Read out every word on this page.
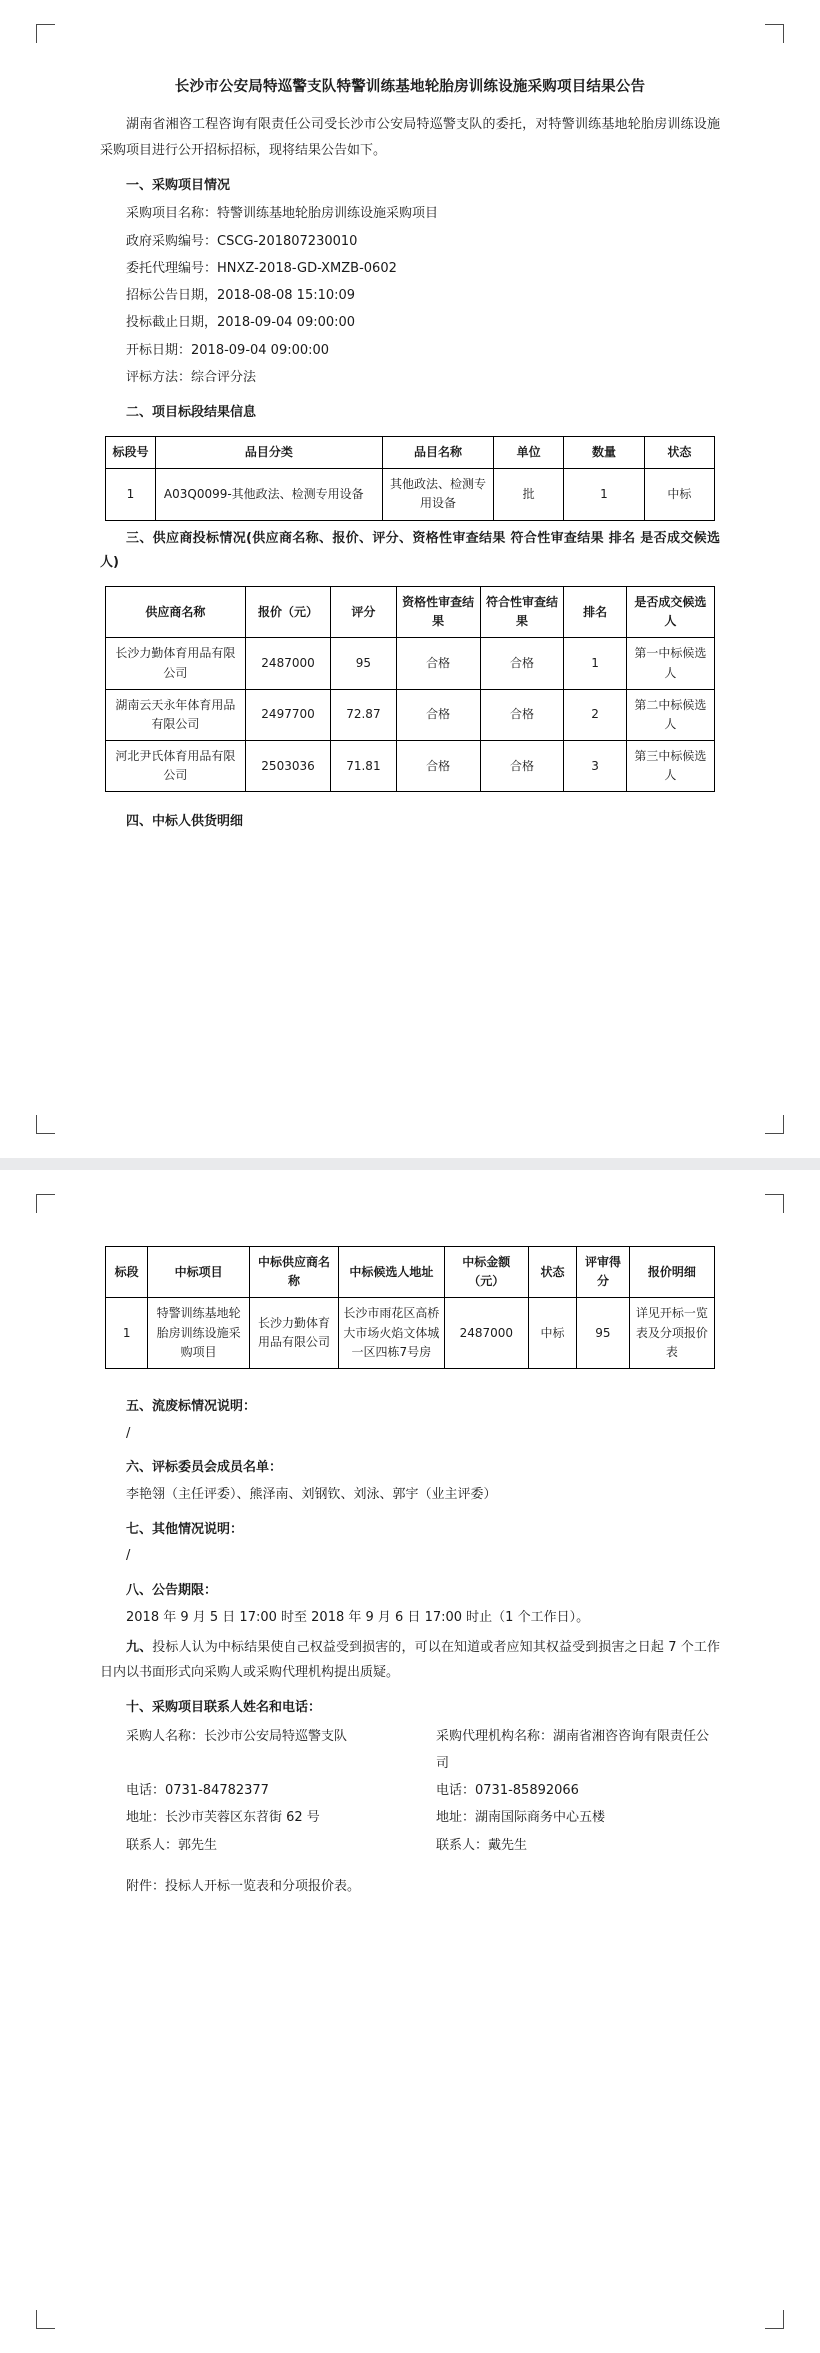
长沙市公安局特巡警支队特警训练基地轮胎房训练设施采购项目结果公告

湖南省湘咨工程咨询有限责任公司受长沙市公安局特巡警支队的委托，对特警训练基地轮胎房训练设施采购项目进行公开招标招标，现将结果公告如下。

一、采购项目情况

采购项目名称：特警训练基地轮胎房训练设施采购项目

政府采购编号：CSCG-201807230010

委托代理编号：HNXZ-2018-GD-XMZB-0602

招标公告日期，2018-08-08 15:10:09

投标截止日期，2018-09-04 09:00:00

开标日期：2018-09-04 09:00:00

评标方法：综合评分法

二、项目标段结果信息
标段号	品目分类	品目名称	单位	数量	状态
1	A03Q0099-其他政法、检测专用设备	其他政法、检测专用设备	批	1	中标
三、供应商投标情况(供应商名称、报价、评分、资格性审查结果 符合性审查结果 排名 是否成交候选人)
供应商名称	报价（元）	评分	资格性审查结果	符合性审查结果	排名	是否成交候选人
长沙力勤体育用品有限公司	2487000	95	合格	合格	1	第一中标候选人
湖南云天永年体育用品有限公司	2497700	72.87	合格	合格	2	第二中标候选人
河北尹氏体育用品有限公司	2503036	71.81	合格	合格	3	第三中标候选人
四、中标人供货明细
标段	中标项目	中标供应商名称	中标候选人地址	中标金额（元）	状态	评审得分	报价明细
1	特警训练基地轮胎房训练设施采购项目	长沙力勤体育用品有限公司	长沙市雨花区高桥大市场火焰文体城一区四栋7号房	2487000	中标	95	详见开标一览表及分项报价表
五、流废标情况说明：

/

六、评标委员会成员名单：

李艳翎（主任评委）、熊泽南、刘钢钦、刘泳、郭宇（业主评委）

七、其他情况说明：

/

八、公告期限：

2018 年 9 月 5 日 17:00 时至 2018 年 9 月 6 日 17:00 时止（1 个工作日）。

九、投标人认为中标结果使自己权益受到损害的，可以在知道或者应知其权益受到损害之日起 7 个工作日内以书面形式向采购人或采购代理机构提出质疑。
十、采购项目联系人姓名和电话：
采购人名称：长沙市公安局特巡警支队	采购代理机构名称：湖南省湘咨咨询有限责任公司
电话：0731-84782377	电话：0731-85892066
地址：长沙市芙蓉区东苕街 62 号	地址：湖南国际商务中心五楼
联系人：郭先生	联系人：戴先生

附件：投标人开标一览表和分项报价表。
